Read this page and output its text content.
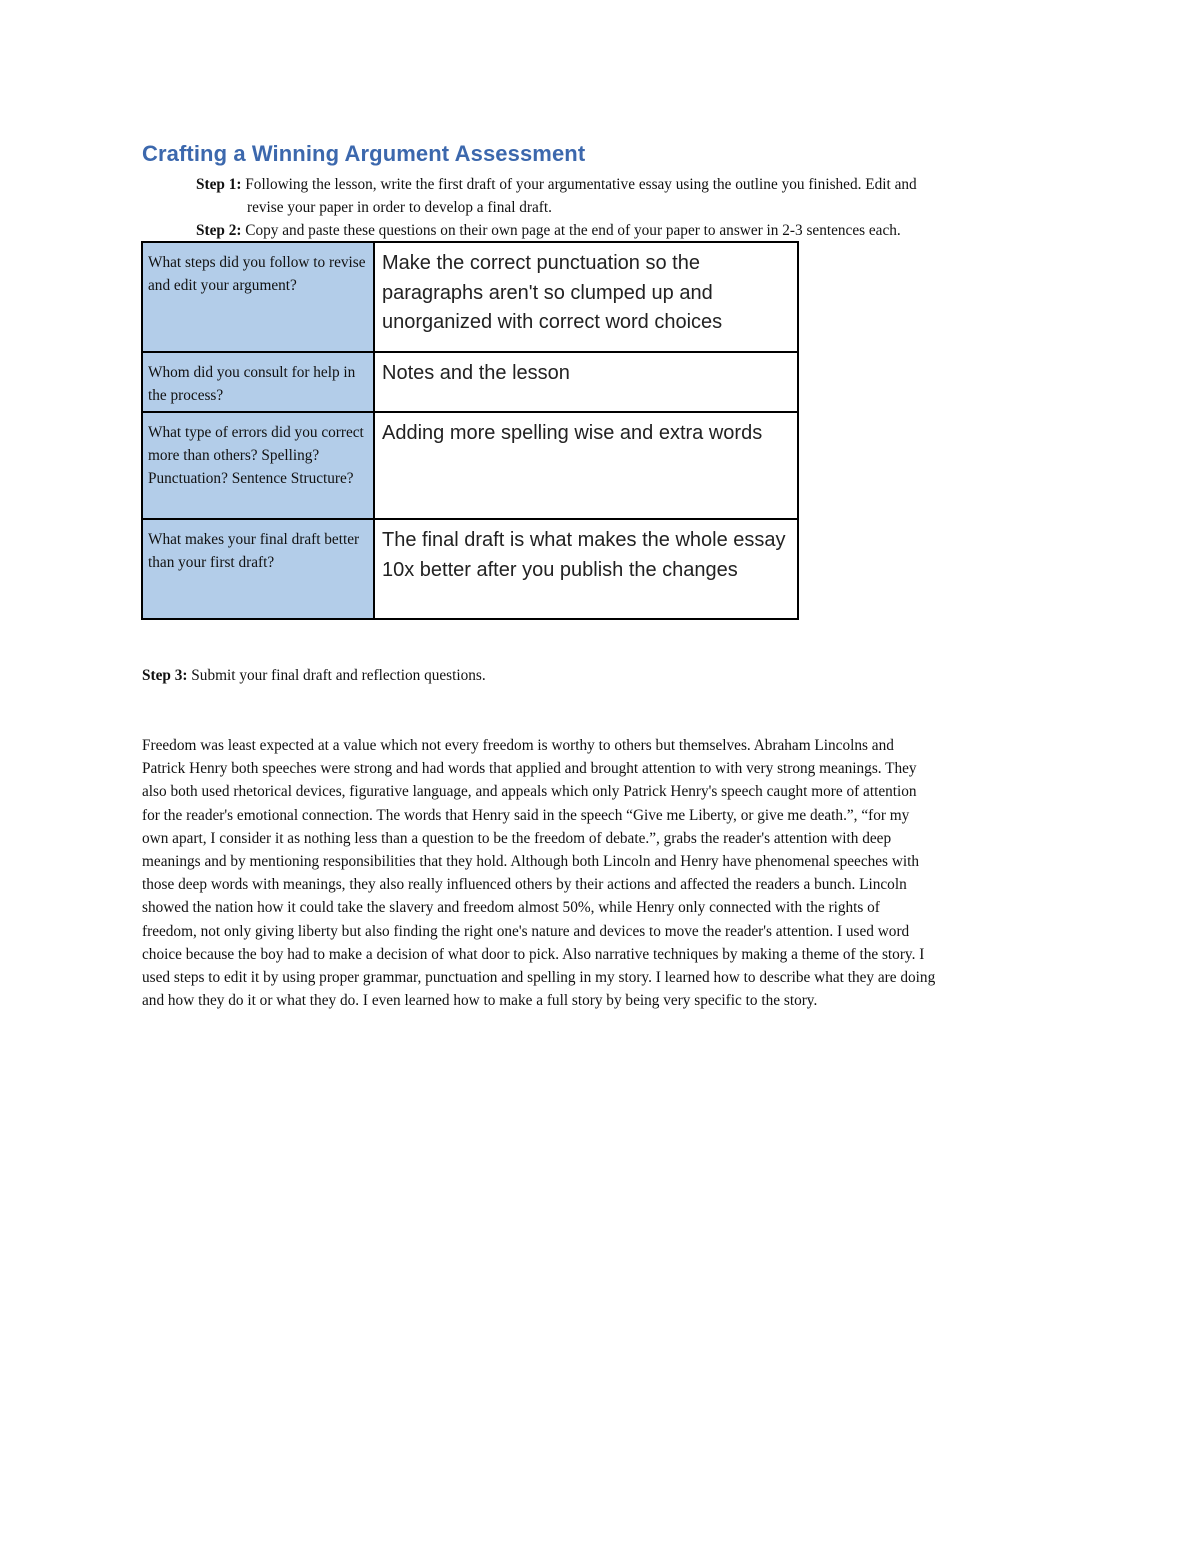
Crafting a Winning Argument Assessment
Step 1: Following the lesson, write the first draft of your argumentative essay using the outline you finished. Edit and
revise your paper in order to develop a final draft.
Step 2: Copy and paste these questions on their own page at the end of your paper to answer in 2-3 sentences each.
What steps did you follow to revise and edit your argument?	Make the correct punctuation so the paragraphs aren't so clumped up and unorganized with correct word choices
Whom did you consult for help in the process?	Notes and the lesson
What type of errors did you correct more than others? Spelling? Punctuation? Sentence Structure?	Adding more spelling wise and extra words
What makes your final draft better than your first draft?	The final draft is what makes the whole essay 10x better after you publish the changes
Step 3: Submit your final draft and reflection questions.
Freedom was least expected at a value which not every freedom is worthy to others but themselves. Abraham Lincolns and
Patrick Henry both speeches were strong and had words that applied and brought attention to with very strong meanings. They
also both used rhetorical devices, figurative language, and appeals which only Patrick Henry's speech caught more of attention
for the reader's emotional connection. The words that Henry said in the speech “Give me Liberty, or give me death.”, “for my
own apart, I consider it as nothing less than a question to be the freedom of debate.”, grabs the reader's attention with deep
meanings and by mentioning responsibilities that they hold. Although both Lincoln and Henry have phenomenal speeches with
those deep words with meanings, they also really influenced others by their actions and affected the readers a bunch. Lincoln
showed the nation how it could take the slavery and freedom almost 50%, while Henry only connected with the rights of
freedom, not only giving liberty but also finding the right one's nature and devices to move the reader's attention. I used word
choice because the boy had to make a decision of what door to pick. Also narrative techniques by making a theme of the story. I
used steps to edit it by using proper grammar, punctuation and spelling in my story. I learned how to describe what they are doing
and how they do it or what they do. I even learned how to make a full story by being very specific to the story.
